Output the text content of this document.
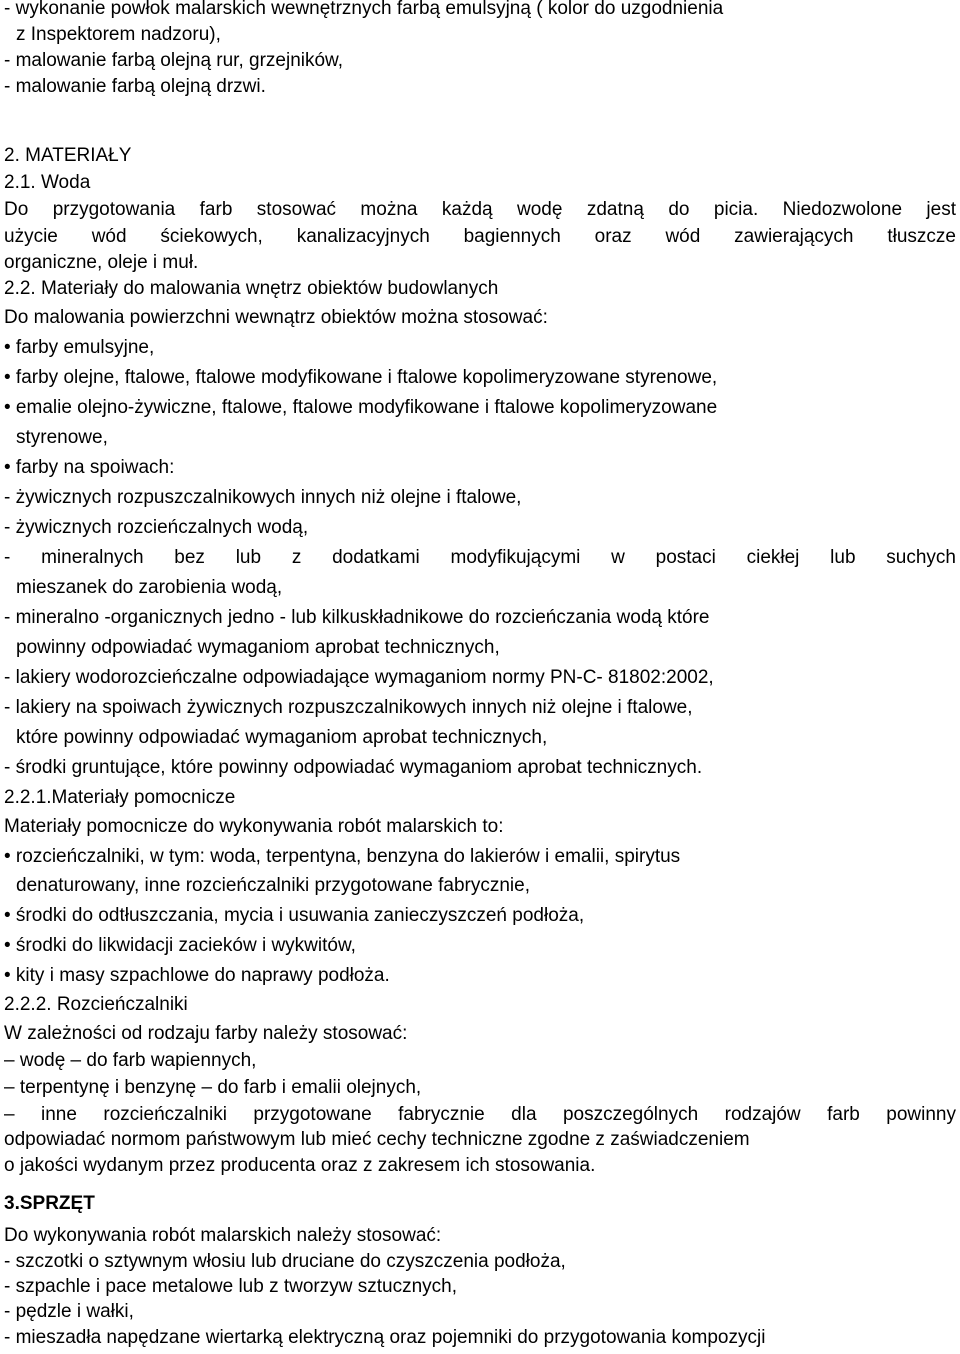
- wykonanie powłok malarskich wewnętrznych farbą emulsyjną ( kolor do uzgodnienia
z Inspektorem nadzoru),
- malowanie farbą olejną rur, grzejników,
- malowanie farbą olejną drzwi.
2. MATERIAŁY
2.1. Woda
Do przygotowania farb stosować można każdą wodę zdatną do picia. Niedozwolone jest
użycie wód ściekowych, kanalizacyjnych bagiennych oraz wód zawierających tłuszcze
organiczne, oleje i muł.
2.2. Materiały do malowania wnętrz obiektów budowlanych
Do malowania powierzchni wewnątrz obiektów można stosować:
• farby emulsyjne,
• farby olejne, ftalowe, ftalowe modyfikowane i ftalowe kopolimeryzowane styrenowe,
• emalie olejno-żywiczne, ftalowe, ftalowe modyfikowane i ftalowe kopolimeryzowane
styrenowe,
• farby na spoiwach:
- żywicznych rozpuszczalnikowych innych niż olejne i ftalowe,
- żywicznych rozcieńczalnych wodą,
- mineralnych bez lub z dodatkami modyfikującymi w postaci ciekłej lub suchych
mieszanek do zarobienia wodą,
- mineralno -organicznych jedno - lub kilkuskładnikowe do rozcieńczania wodą które
powinny odpowiadać wymaganiom aprobat technicznych,
- lakiery wodorozcieńczalne odpowiadające wymaganiom normy PN-C- 81802:2002,
- lakiery na spoiwach żywicznych rozpuszczalnikowych innych niż olejne i ftalowe,
które powinny odpowiadać wymaganiom aprobat technicznych,
- środki gruntujące, które powinny odpowiadać wymaganiom aprobat technicznych.
2.2.1.Materiały pomocnicze
Materiały pomocnicze do wykonywania robót malarskich to:
• rozcieńczalniki, w tym: woda, terpentyna, benzyna do lakierów i emalii, spirytus
denaturowany, inne rozcieńczalniki przygotowane fabrycznie,
• środki do odtłuszczania, mycia i usuwania zanieczyszczeń podłoża,
• środki do likwidacji zacieków i wykwitów,
• kity i masy szpachlowe do naprawy podłoża.
2.2.2. Rozcieńczalniki
W zależności od rodzaju farby należy stosować:
– wodę – do farb wapiennych,
– terpentynę i benzynę – do farb i emalii olejnych,
– inne rozcieńczalniki przygotowane fabrycznie dla poszczególnych rodzajów farb powinny
odpowiadać normom państwowym lub mieć cechy techniczne zgodne z zaświadczeniem
o jakości wydanym przez producenta oraz z zakresem ich stosowania.
3.SPRZĘT
Do wykonywania robót malarskich należy stosować:
- szczotki o sztywnym włosiu lub druciane do czyszczenia podłoża,
- szpachle i pace metalowe lub z tworzyw sztucznych,
- pędzle i wałki,
- mieszadła napędzane wiertarką elektryczną oraz pojemniki do przygotowania kompozycji
